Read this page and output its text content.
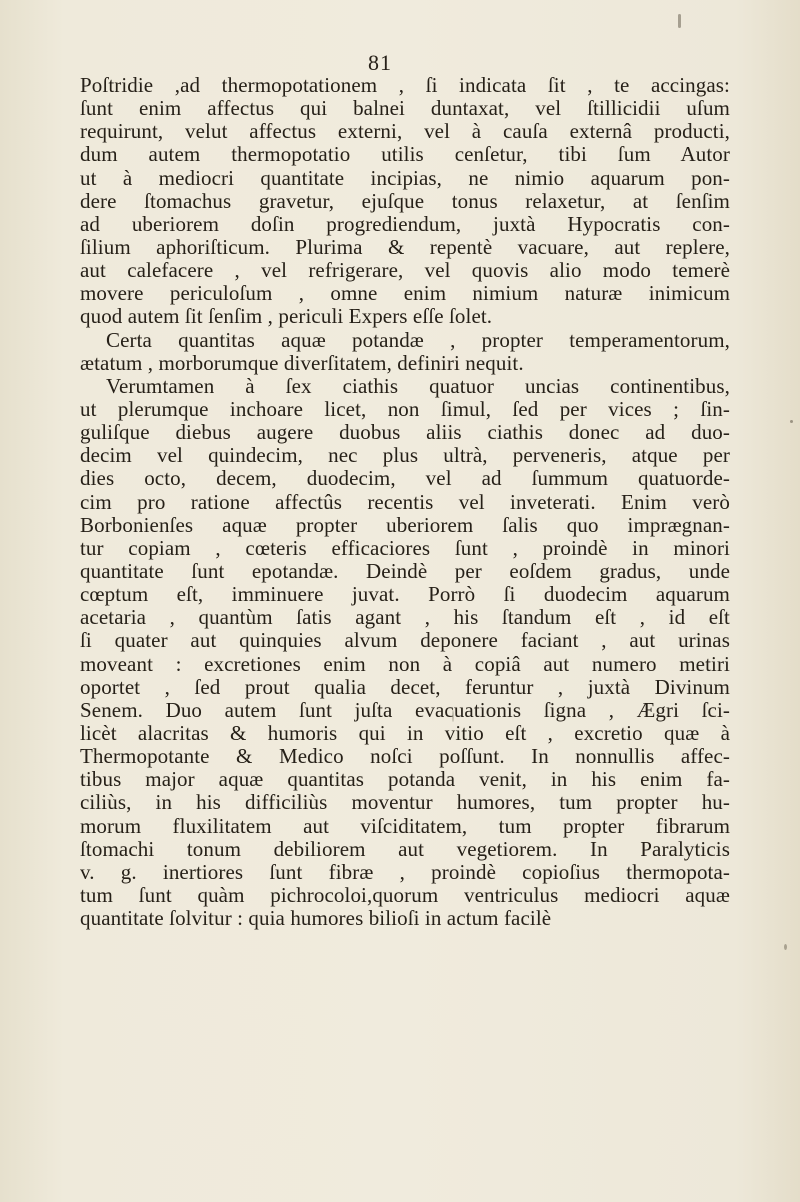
81
Poſtridie ,ad thermopotationem , ſi indicata ſit , te accingas:
ſunt enim affectus qui balnei duntaxat, vel ſtillicidii uſum
requirunt, velut affectus externi, vel à cauſa externâ producti,
dum autem thermopotatio utilis cenſetur, tibi ſum Autor
ut à mediocri quantitate incipias, ne nimio aquarum pon-
dere ſtomachus gravetur, ejuſque tonus relaxetur, at ſenſim
ad uberiorem doſin progrediendum, juxtà Hypocratis con-
ſilium aphoriſticum. Plurima & repentè vacuare, aut replere,
aut calefacere , vel refrigerare, vel quovis alio modo temerè
movere periculoſum , omne enim nimium naturæ inimicum
quod autem ſit ſenſim , periculi Expers eſſe ſolet.
Certa quantitas aquæ potandæ , propter temperamentorum,
ætatum , morborumque diverſitatem, definiri nequit.
Verumtamen à ſex ciathis quatuor uncias continentibus,
ut plerumque inchoare licet, non ſimul, ſed per vices ; ſin-
guliſque diebus augere duobus aliis ciathis donec ad duo-
decim vel quindecim, nec plus ultrà, perveneris, atque per
dies octo, decem, duodecim, vel ad ſummum quatuorde-
cim pro ratione affectûs recentis vel inveterati. Enim verò
Borbonienſes aquæ propter uberiorem ſalis quo imprægnan-
tur copiam , cœteris efficaciores ſunt , proindè in minori
quantitate ſunt epotandæ. Deindè per eoſdem gradus, unde
cœptum eſt, imminuere juvat. Porrò ſi duodecim aquarum
acetaria , quantùm ſatis agant , his ſtandum eſt , id eſt
ſi quater aut quinquies alvum deponere faciant , aut urinas
moveant : excretiones enim non à copiâ aut numero metiri
oportet , ſed prout qualia decet, feruntur , juxtà Divinum
Senem. Duo autem ſunt juſta evacuationis ſigna , Ægri ſci-
licèt alacritas & humoris qui in vitio eſt , excretio quæ à
Thermopotante & Medico noſci poſſunt. In nonnullis affec-
tibus major aquæ quantitas potanda venit, in his enim fa-
ciliùs, in his difficiliùs moventur humores, tum propter hu-
morum fluxilitatem aut viſciditatem, tum propter fibrarum
ſtomachi tonum debiliorem aut vegetiorem. In Paralyticis
v. g. inertiores ſunt fibræ , proindè copioſius thermopota-
tum ſunt quàm pichrocoloi,quorum ventriculus mediocri aquæ
quantitate ſolvitur : quia humores bilioſi in actum facilè
